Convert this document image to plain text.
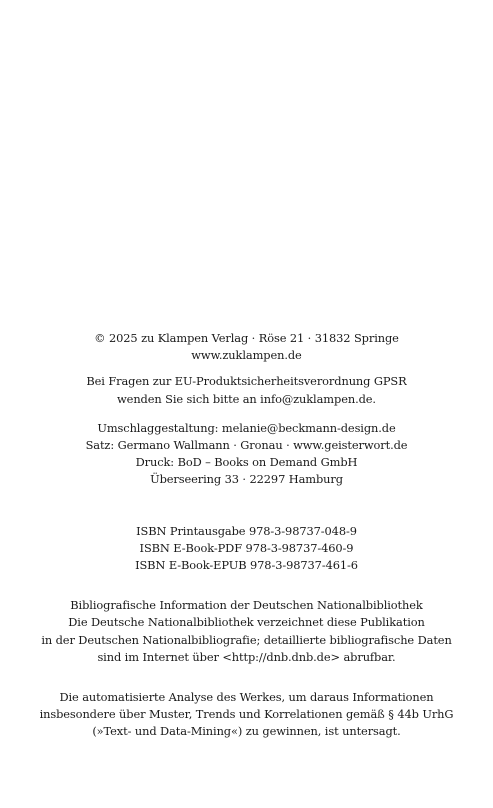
© 2025 zu Klampen Verlag · Röse 21 · 31832 Springe
www.zuklampen.de
Bei Fragen zur EU-Produktsicherheitsverordnung GPSR
wenden Sie sich bitte an info@zuklampen.de.
Umschlaggestaltung: melanie@beckmann-design.de
Satz: Germano Wallmann · Gronau · www.geisterwort.de
Druck: BoD – Books on Demand GmbH
Überseering 33 · 22297 Hamburg
ISBN Printausgabe 978-3-98737-048-9
ISBN E-Book-PDF 978-3-98737-460-9
ISBN E-Book-EPUB 978-3-98737-461-6
Bibliografische Information der Deutschen Nationalbibliothek
Die Deutsche Nationalbibliothek verzeichnet diese Publikation
in der Deutschen Nationalbibliografie; detaillierte bibliografische Daten
sind im Internet über <http://dnb.dnb.de> abrufbar.
Die automatisierte Analyse des Werkes, um daraus Informationen
insbesondere über Muster, Trends und Korrelationen gemäß § 44b UrhG
(»Text- und Data-Mining«) zu gewinnen, ist untersagt.
